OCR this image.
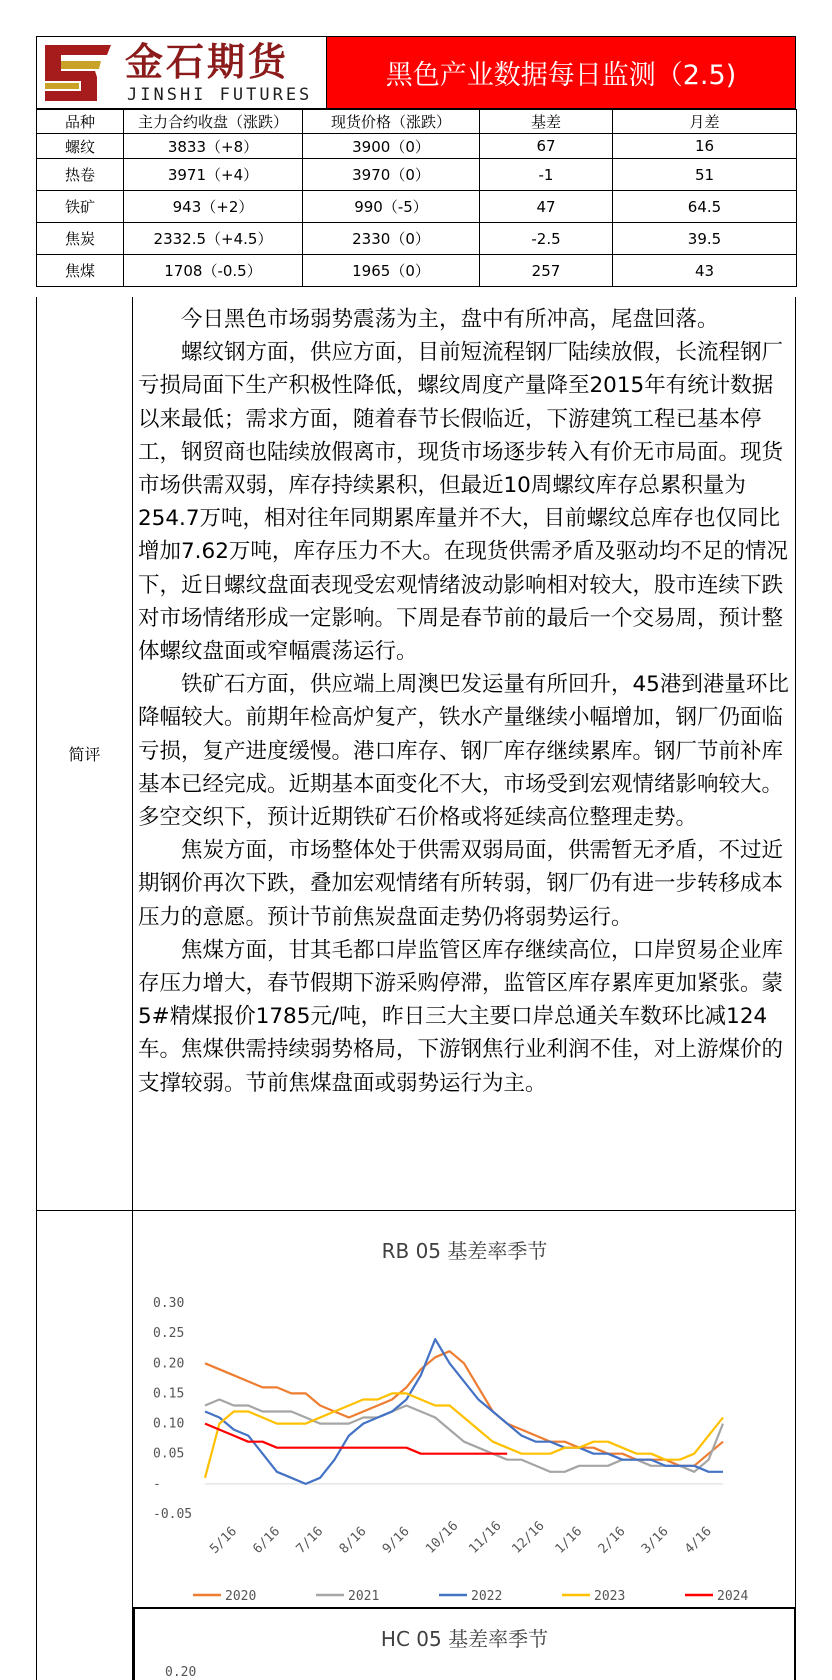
金石期货
JINSHI FUTURES
黑色产业数据每日监测（2.5)
品种	主力合约收盘（涨跌）	现货价格（涨跌）	基差	月差
螺纹	3833（+8）	3900（0）	67	16
热卷	3971（+4）	3970（0）	-1	51
铁矿	943（+2）	990（-5）	47	64.5
焦炭	2332.5（+4.5）	2330（0）	-2.5	39.5
焦煤	1708（-0.5）	1965（0）	257	43
简评

今日黑色市场弱势震荡为主，盘中有所冲高，尾盘回落。

螺纹钢方面，供应方面，目前短流程钢厂陆续放假，长流程钢厂亏损局面下生产积极性降低，螺纹周度产量降至2015年有统计数据以来最低；需求方面，随着春节长假临近，下游建筑工程已基本停工，钢贸商也陆续放假离市，现货市场逐步转入有价无市局面。现货市场供需双弱，库存持续累积，但最近10周螺纹库存总累积量为254.7万吨，相对往年同期累库量并不大，目前螺纹总库存也仅同比增加7.62万吨，库存压力不大。在现货供需矛盾及驱动均不足的情况下，近日螺纹盘面表现受宏观情绪波动影响相对较大，股市连续下跌对市场情绪形成一定影响。下周是春节前的最后一个交易周，预计整体螺纹盘面或窄幅震荡运行。

铁矿石方面，供应端上周澳巴发运量有所回升，45港到港量环比降幅较大。前期年检高炉复产，铁水产量继续小幅增加，钢厂仍面临亏损，复产进度缓慢。港口库存、钢厂库存继续累库。钢厂节前补库基本已经完成。近期基本面变化不大，市场受到宏观情绪影响较大。多空交织下，预计近期铁矿石价格或将延续高位整理走势。

焦炭方面，市场整体处于供需双弱局面，供需暂无矛盾，不过近期钢价再次下跌，叠加宏观情绪有所转弱，钢厂仍有进一步转移成本压力的意愿。预计节前焦炭盘面走势仍将弱势运行。

焦煤方面，甘其毛都口岸监管区库存继续高位，口岸贸易企业库存压力增大，春节假期下游采购停滞，监管区库存累库更加紧张。蒙5#精煤报价1785元/吨，昨日三大主要口岸总通关车数环比减124车。焦煤供需持续弱势格局，下游钢焦行业利润不佳，对上游煤价的支撑较弱。节前焦煤盘面或弱势运行为主。

RB 05 基差率季节
0.30
0.25
0.20
0.15
0.10
0.05
-
-0.05
5/16 6/16 7/16 8/16 9/16 10/16 11/16 12/16 1/16 2/16 3/16 4/16
2020	2021	2022	2023	2024
HC 05 基差率季节
0.20
